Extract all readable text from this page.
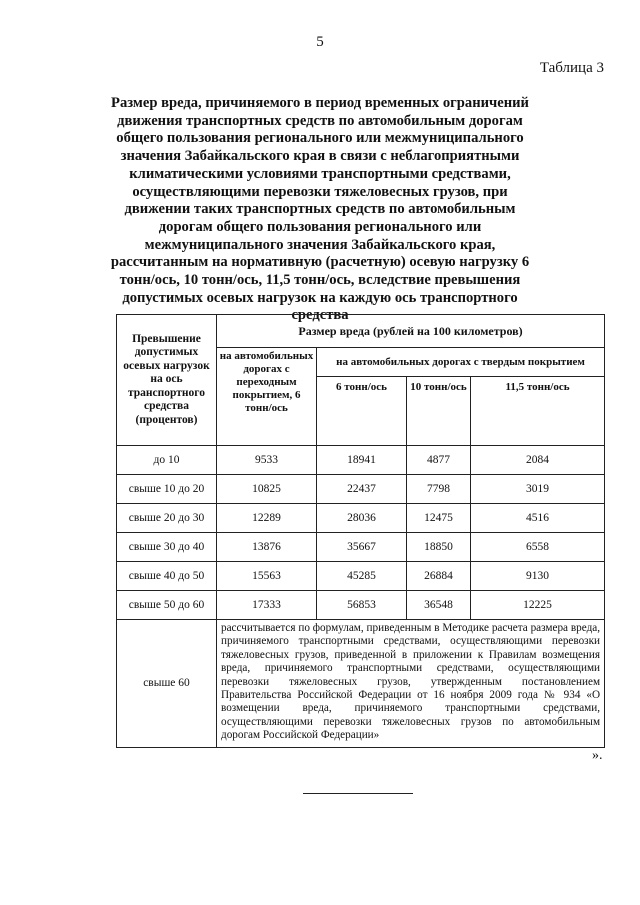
5
Таблица 3
Размер вреда, причиняемого в период временных ограничений движения транспортных средств по автомобильным дорогам общего пользования регионального или межмуниципального значения Забайкальского края в связи с неблагоприятными климатическими условиями транспортными средствами, осуществляющими перевозки тяжеловесных грузов, при движении таких транспортных средств по автомобильным дорогам общего пользования регионального или межмуниципального значения Забайкальского края, рассчитанным на нормативную (расчетную) осевую нагрузку 6 тонн/ось, 10 тонн/ось, 11,5 тонн/ось, вследствие превышения допустимых осевых нагрузок на каждую ось транспортного средства
Превышение допустимых осевых нагрузок на ось транспортного средства (процентов)	Размер вреда (рублей на 100 километров)			
	на автомобильных дорогах с переходным покрытием, 6 тонн/ось	на автомобильных дорогах с твердым покрытием		
		6 тонн/ось	10 тонн/ось	11,5 тонн/ось
до 10	9533	18941	4877	2084
свыше 10 до 20	10825	22437	7798	3019
свыше 20 до 30	12289	28036	12475	4516
свыше 30 до 40	13876	35667	18850	6558
свыше 40 до 50	15563	45285	26884	9130
свыше 50 до 60	17333	56853	36548	12225
свыше 60	рассчитывается по формулам, приведенным в Методике расчета размера вреда, причиняемого транспортными средствами, осуществляющими перевозки тяжеловесных грузов, приведенной в приложении к Правилам возмещения вреда, причиняемого транспортными средствами, осуществляющими перевозки тяжеловесных грузов, утвержденным постановлением Правительства Российской Федерации от 16 ноября 2009 года № 934 «О возмещении вреда, причиняемого транспортными средствами, осуществляющими перевозки тяжеловесных грузов по автомобильным дорогам Российской Федерации»			
».
